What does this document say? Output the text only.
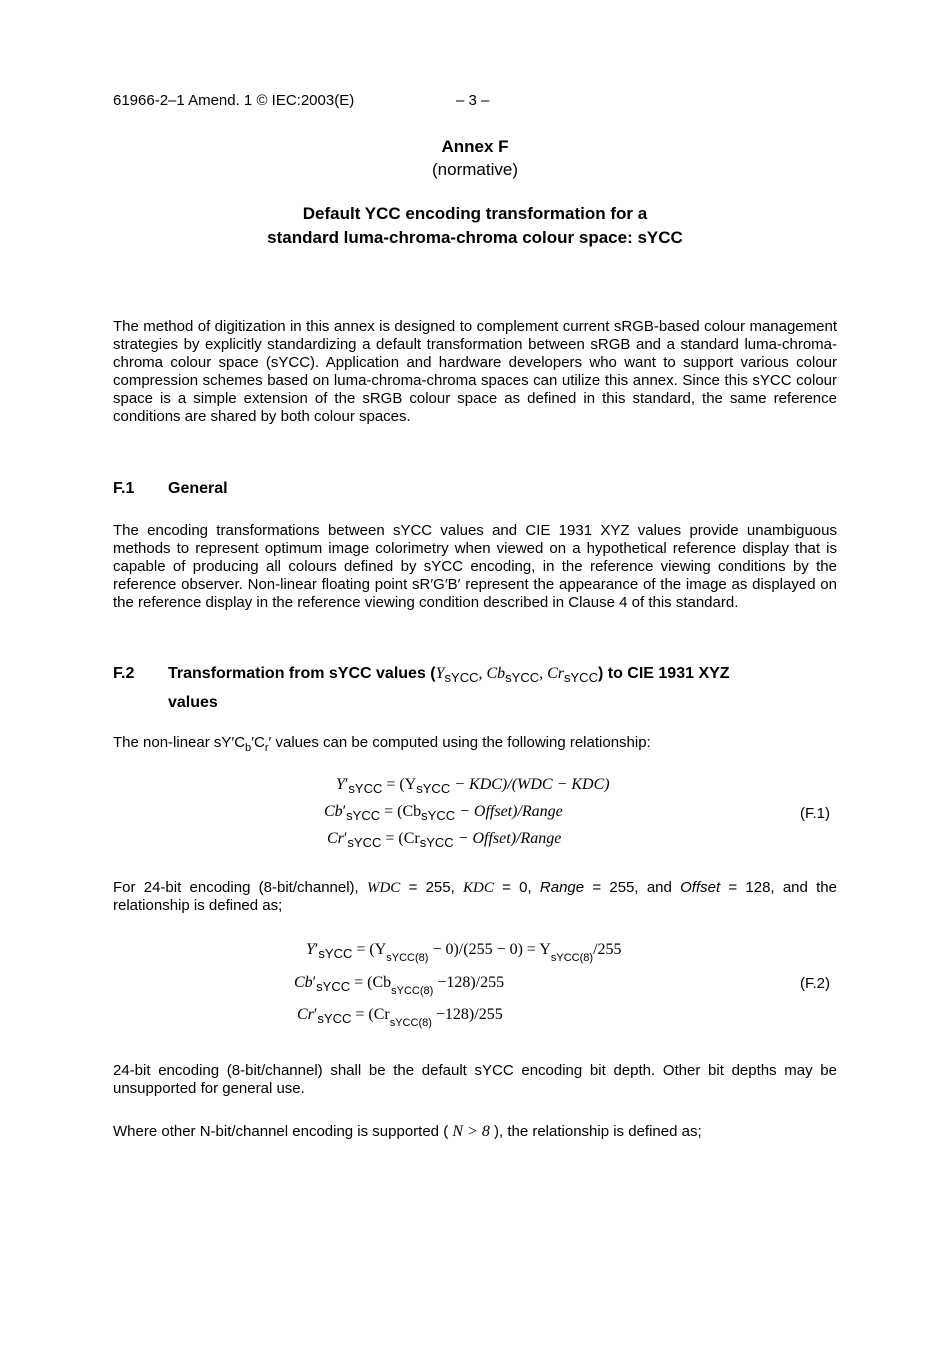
61966-2–1 Amend. 1 © IEC:2003(E)	– 3 –
Annex F
(normative)
Default YCC encoding transformation for a
standard luma-chroma-chroma colour space: sYCC
The method of digitization in this annex is designed to complement current sRGB-based colour management strategies by explicitly standardizing a default transformation between sRGB and a standard luma-chroma-chroma colour space (sYCC). Application and hardware developers who want to support various colour compression schemes based on luma-chroma-chroma spaces can utilize this annex. Since this sYCC colour space is a simple extension of the sRGB colour space as defined in this standard, the same reference conditions are shared by both colour spaces.
F.1 General
The encoding transformations between sYCC values and CIE 1931 XYZ values provide unambiguous methods to represent optimum image colorimetry when viewed on a hypothetical reference display that is capable of producing all colours defined by sYCC encoding, in the reference viewing conditions by the reference observer. Non-linear floating point sR′G′B′ represent the appearance of the image as displayed on the reference display in the reference viewing condition described in Clause 4 of this standard.
F.2 Transformation from sYCC values ($Y_{sYCC}$, $Cb_{sYCC}$, $Cr_{sYCC}$) to CIE 1931 XYZ
values
The non-linear $sY'C_b'C_r'$ values can be computed using the following relationship:
$Y'_{sYCC} = (Y_{sYCC} - KDC)/(WDC - KDC)$
$Cb'_{sYCC} = (Cb_{sYCC}$ − Offset)/Range
$Cr'_{sYCC} = (Cr_{sYCC}$ − Offset)/Range
(F.1)
For 24-bit encoding (8-bit/channel), WDC = 255, KDC = 0, Range = 255, and Offset = 128, and the relationship is defined as;
$Y'_{sYCC} = (Y_{sYCC(8)} - 0)/(255 - 0) = Y_{sYCC(8)}/255$
$Cb'_{sYCC} = (Cb_{sYCC(8)} -128)/255$
$Cr'_{sYCC} = (Cr_{sYCC(8)} -128)/255$
(F.2)
24-bit encoding (8-bit/channel) shall be the default sYCC encoding bit depth. Other bit depths may be unsupported for general use.
Where other N-bit/channel encoding is supported ( N > 8 ), the relationship is defined as;
